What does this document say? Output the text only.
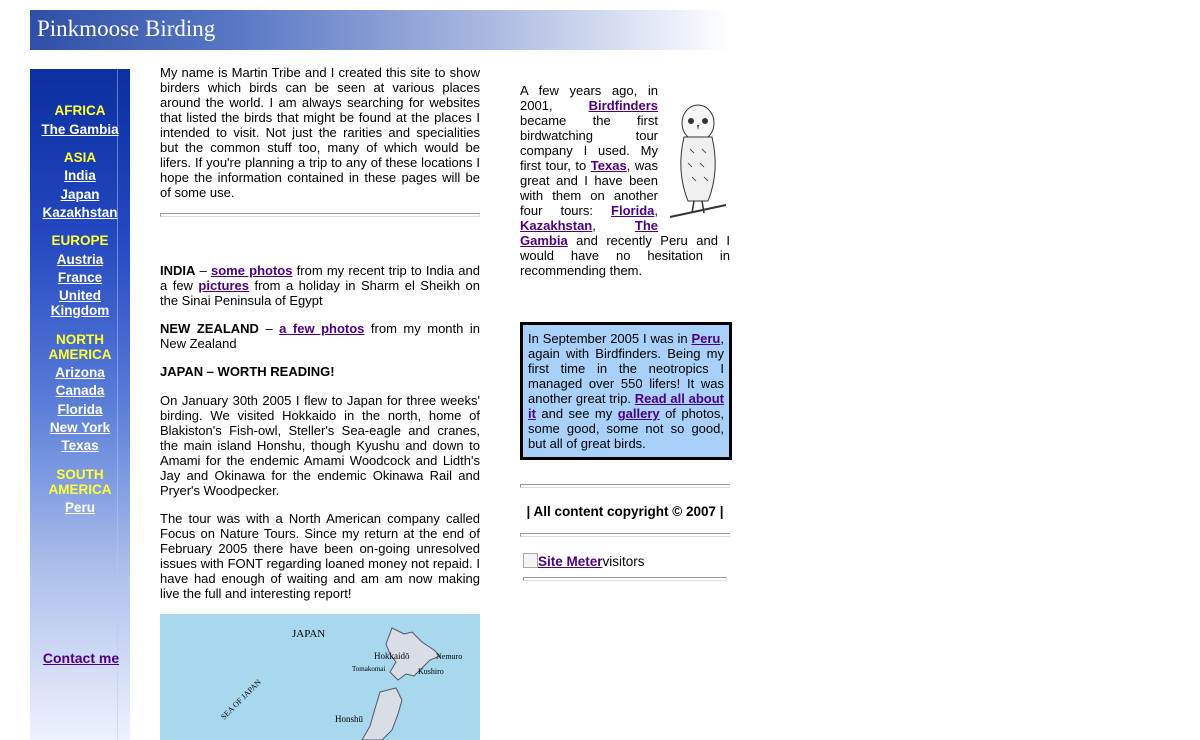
Pinkmoose Birding
AFRICA
The Gambia
ASIA
India
Japan
Kazakhstan
EUROPE
Austria
France
United
Kingdom
NORTH
AMERICA
Arizona
Canada
Florida
New York
Texas
SOUTH
AMERICA
Peru
Contact me

My name is Martin Tribe and I created this site to show birders which birds can be seen at various places around the world. I am always searching for websites that listed the birds that might be found at the places I intended to visit. Not just the rarities and specialities but the common stuff too, many of which would be lifers. If you're planning a trip to any of these locations I hope the information contained in these pages will be of some use.

INDIA – some photos from my recent trip to India and a few pictures from a holiday in Sharm el Sheikh on the Sinai Peninsula of Egypt

NEW ZEALAND – a few photos from my month in New Zealand

JAPAN – WORTH READING!

On January 30th 2005 I flew to Japan for three weeks' birding. We visited Hokkaido in the north, home of Blakiston's Fish-owl, Steller's Sea-eagle and cranes, the main island Honshu, though Kyushu and down to Amami for the endemic Amami Woodcock and Lidth's Jay and Okinawa for the endemic Okinawa Rail and Pryer's Woodpecker.

The tour was with a North American company called Focus on Nature Tours. Since my return at the end of February 2005 there have been on-going unresolved issues with FONT regarding loaned money not repaid. I have had enough of waiting and am am now making live the full and interesting report!

JAPAN
Hokkaidō	Nemuro
Tomakomai	Kushiro
SEA OF JAPAN	Honshū

A few years ago, in 2001, Birdfinders became the first birdwatching tour company I used. My first tour, to Texas, was great and I have been with them on another four tours: Florida, Kazakhstan, The Gambia and recently Peru and I would have no hesitation in recommending them.

In September 2005 I was in Peru, again with Birdfinders. Being my first time in the neotropics I managed over 550 lifers! It was another great trip. Read all about it and see my gallery of photos, some good, some not so good, but all of great birds.

| All content copyright © 2007 |
Site Metervisitors
